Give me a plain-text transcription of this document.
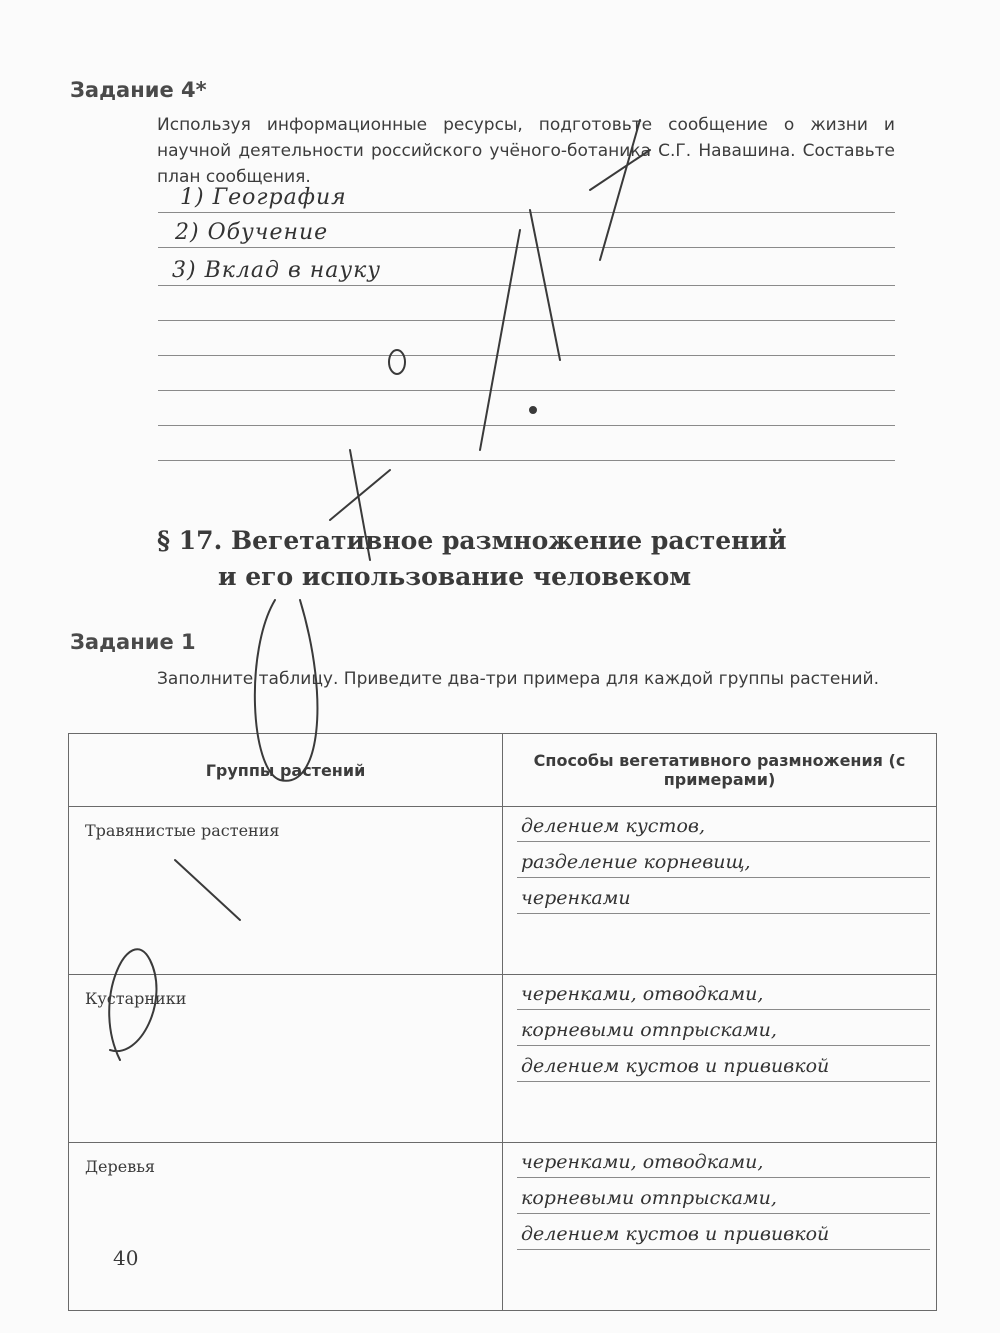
Задание 4*
Используя информационные ресурсы, подготовьте сообщение о жизни и научной деятельности российского учёного-ботаника С.Г. Навашина. Составьте план сообщения.
1) География
2) Обучение
3) Вклад в науку
§ 17. Вегетативное размножение растений
и его использование человеком
Задание 1
Заполните таблицу. Приведите два-три примера для каждой группы растений.
Группы растений	Способы вегетативного размножения (с примерами)
Травянистые растения	делением кустов,
разделение корневищ,
черенками

Кустарники	черенками, отводками,
корневыми отпрысками,
делением кустов и прививкой

Деревья	черенками, отводками,
корневыми отпрысками,
делением кустов и прививкой
40
